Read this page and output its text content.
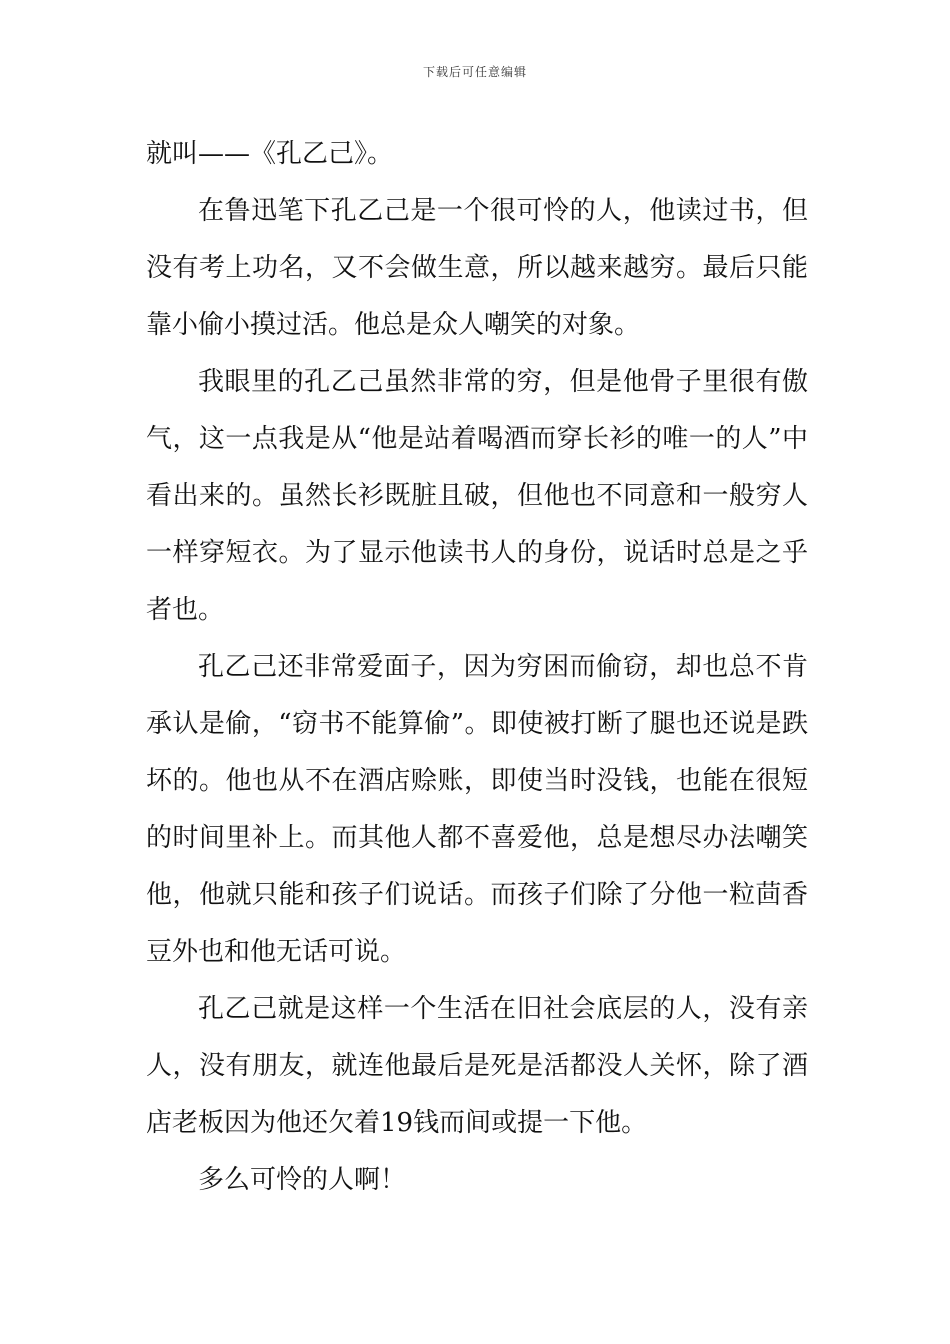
下载后可任意编辑

就叫——《孔乙己》。

在鲁迅笔下孔乙己是一个很可怜的人，他读过书，但没有考上功名，又不会做生意，所以越来越穷。最后只能靠小偷小摸过活。他总是众人嘲笑的对象。

我眼里的孔乙己虽然非常的穷，但是他骨子里很有傲气，这一点我是从“他是站着喝酒而穿长衫的唯一的人”中看出来的。虽然长衫既脏且破，但他也不同意和一般穷人一样穿短衣。为了显示他读书人的身份，说话时总是之乎者也。

孔乙己还非常爱面子，因为穷困而偷窃，却也总不肯承认是偷，“窃书不能算偷”。即使被打断了腿也还说是跌坏的。他也从不在酒店赊账，即使当时没钱，也能在很短的时间里补上。而其他人都不喜爱他，总是想尽办法嘲笑他，他就只能和孩子们说话。而孩子们除了分他一粒茴香豆外也和他无话可说。

孔乙己就是这样一个生活在旧社会底层的人，没有亲人，没有朋友，就连他最后是死是活都没人关怀，除了酒店老板因为他还欠着19钱而间或提一下他。

多么可怜的人啊！
